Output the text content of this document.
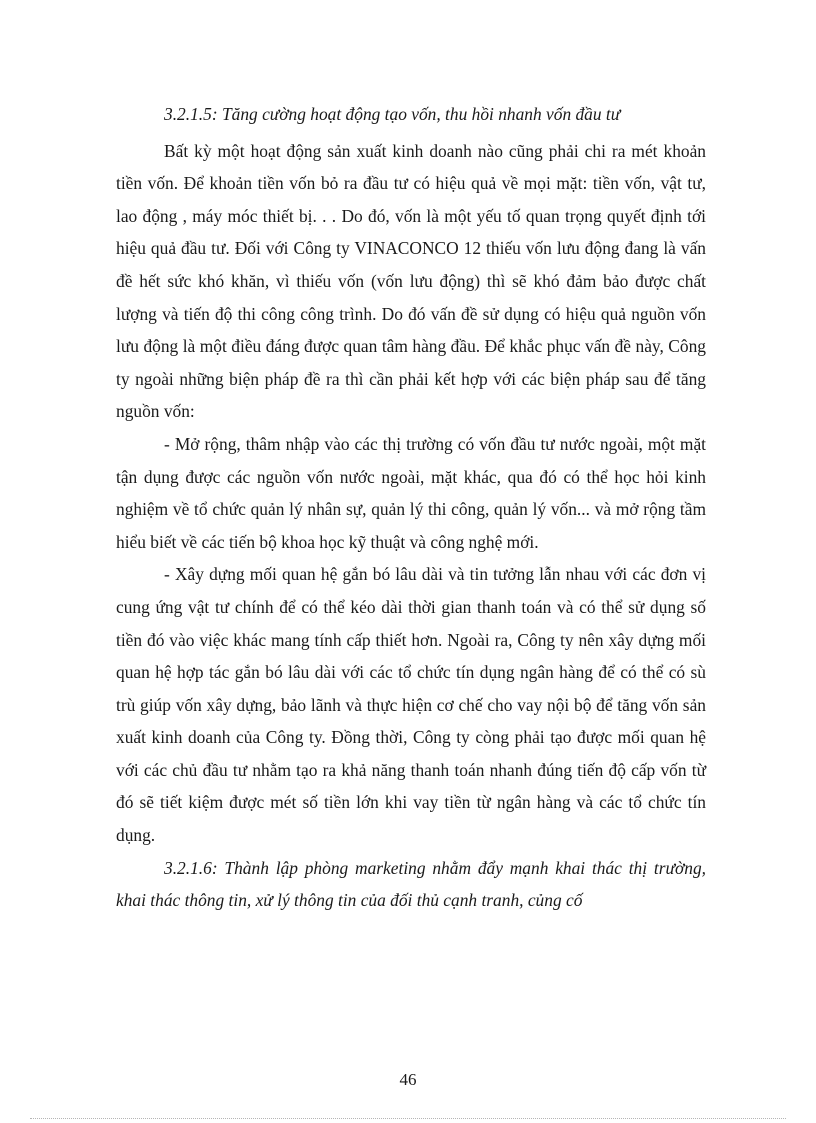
3.2.1.5: Tăng cường hoạt động tạo vốn, thu hồi nhanh vốn đầu tư

Bất kỳ một hoạt động sản xuất kinh doanh nào cũng phải chi ra mét khoản tiền vốn. Để khoản tiền vốn bỏ ra đầu tư có hiệu quả về mọi mặt: tiền vốn, vật tư, lao động , máy móc thiết bị. . . Do đó, vốn là một yếu tố quan trọng quyết định tới hiệu quả đầu tư. Đối với Công ty VINACONCO 12 thiếu vốn lưu động đang là vấn đề hết sức khó khăn, vì thiếu vốn (vốn lưu động) thì sẽ khó đảm bảo được chất lượng và tiến độ thi công công trình. Do đó vấn đề sử dụng có hiệu quả nguồn vốn lưu động là một điều đáng được quan tâm hàng đầu. Để khắc phục vấn đề này, Công ty ngoài những biện pháp đề ra thì cần phải kết hợp với các biện pháp sau để tăng nguồn vốn:

- Mở rộng, thâm nhập vào các thị trường có vốn đầu tư nước ngoài, một mặt tận dụng được các nguồn vốn nước ngoài, mặt khác, qua đó có thể học hỏi kinh nghiệm về tổ chức quản lý nhân sự, quản lý thi công, quản lý vốn... và mở rộng tầm hiểu biết về các tiến bộ khoa học kỹ thuật và công nghệ mới.

- Xây dựng mối quan hệ gắn bó lâu dài và tin tưởng lẫn nhau với các đơn vị cung ứng vật tư chính để có thể kéo dài thời gian thanh toán và có thể sử dụng số tiền đó vào việc khác mang tính cấp thiết hơn. Ngoài ra, Công ty nên xây dựng mối quan hệ hợp tác gắn bó lâu dài với các tổ chức tín dụng ngân hàng để có thể có sù trù giúp vốn xây dựng, bảo lãnh và thực hiện cơ chế cho vay nội bộ để tăng vốn sản xuất kinh doanh của Công ty. Đồng thời, Công ty còng phải tạo được mối quan hệ với các chủ đầu tư nhằm tạo ra khả năng thanh toán nhanh đúng tiến độ cấp vốn từ đó sẽ tiết kiệm được mét số tiền lớn khi vay tiền từ ngân hàng và các tổ chức tín dụng.

3.2.1.6: Thành lập phòng marketing nhằm đẩy mạnh khai thác thị trường, khai thác thông tin, xử lý thông tin của đối thủ cạnh tranh, củng cố

46
